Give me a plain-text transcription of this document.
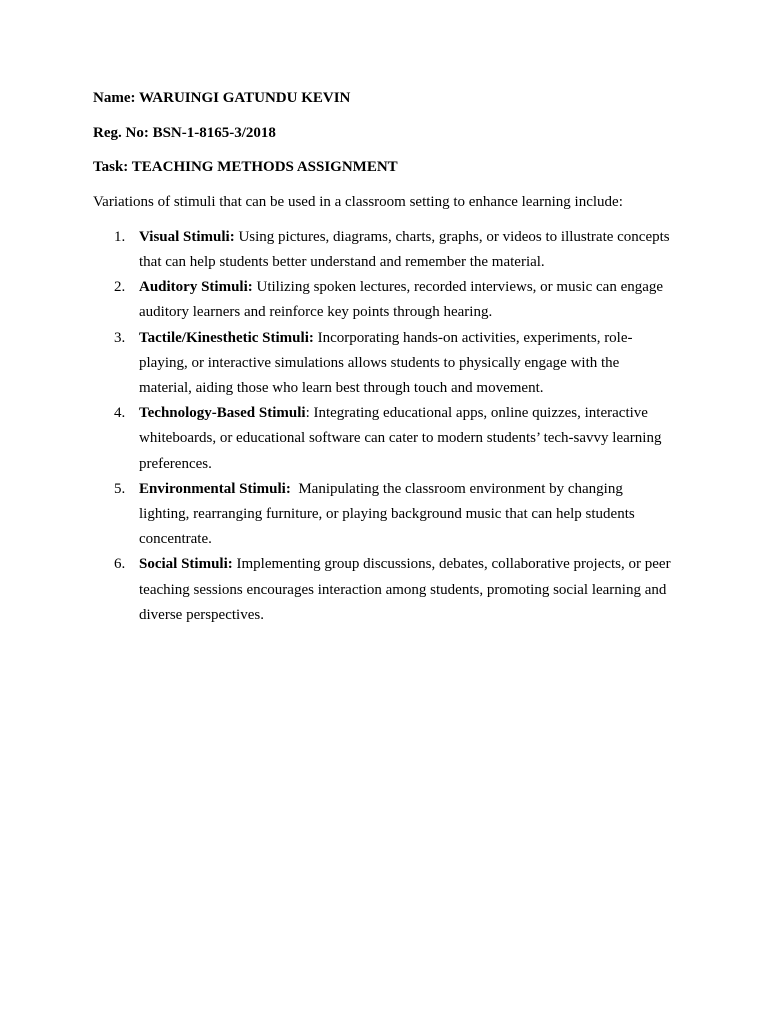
Name: WARUINGI GATUNDU KEVIN

Reg. No: BSN-1-8165-3/2018

Task: TEACHING METHODS ASSIGNMENT

Variations of stimuli that can be used in a classroom setting to enhance learning include:

1. Visual Stimuli: Using pictures, diagrams, charts, graphs, or videos to illustrate concepts that can help students better understand and remember the material.
2. Auditory Stimuli: Utilizing spoken lectures, recorded interviews, or music can engage auditory learners and reinforce key points through hearing.
3. Tactile/Kinesthetic Stimuli: Incorporating hands-on activities, experiments, role-playing, or interactive simulations allows students to physically engage with the material, aiding those who learn best through touch and movement.
4. Technology-Based Stimuli: Integrating educational apps, online quizzes, interactive whiteboards, or educational software can cater to modern students’ tech-savvy learning preferences.
5. Environmental Stimuli:  Manipulating the classroom environment by changing lighting, rearranging furniture, or playing background music that can help students concentrate.
6. Social Stimuli: Implementing group discussions, debates, collaborative projects, or peer teaching sessions encourages interaction among students, promoting social learning and diverse perspectives.
